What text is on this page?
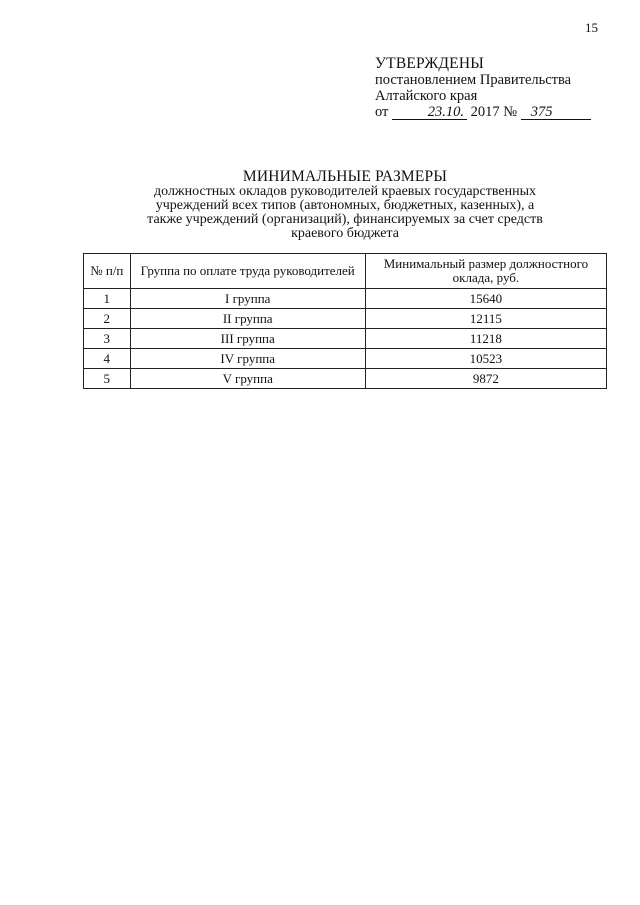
15
УТВЕРЖДЕНЫ
постановлением Правительства
Алтайского края
от	23.10. 2017 № 375
МИНИМАЛЬНЫЕ РАЗМЕРЫ
должностных окладов руководителей краевых государственных учреждений всех типов (автономных, бюджетных, казенных), а также учреждений (организаций), финансируемых за счет средств краевого бюджета
№ п/п	Группа по оплате труда руководителей	Минимальный размер должностного оклада, руб.
1	I группа	15640
2	II группа	12115
3	III группа	11218
4	IV группа	10523
5	V группа	9872
